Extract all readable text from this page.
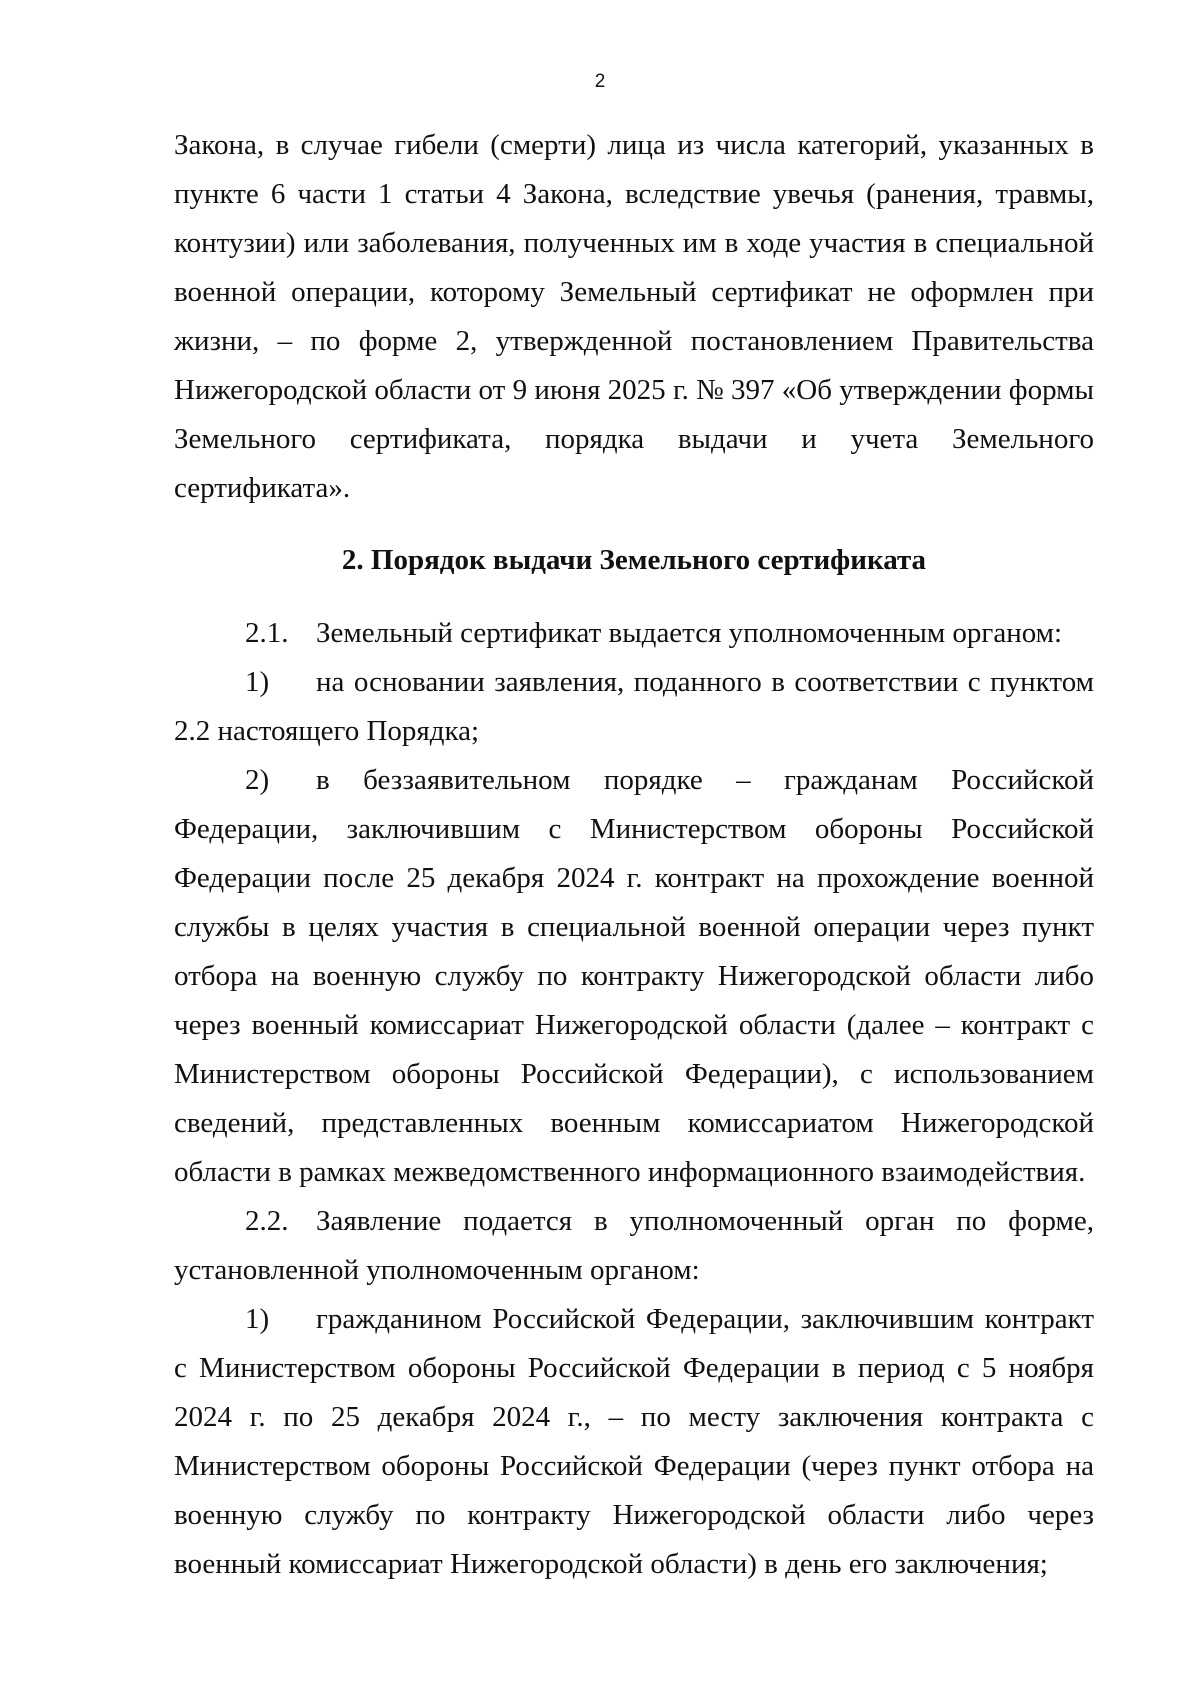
2

Закона, в случае гибели (смерти) лица из числа категорий, указанных в пункте 6 части 1 статьи 4 Закона, вследствие увечья (ранения, травмы, контузии) или заболевания, полученных им в ходе участия в специальной военной операции, которому Земельный сертификат не оформлен при жизни, – по форме 2, утвержденной постановлением Правительства Нижегородской области от 9 июня 2025 г. № 397 «Об утверждении формы Земельного сертификата, порядка выдачи и учета Земельного сертификата».

2. Порядок выдачи Земельного сертификата

2.1. Земельный сертификат выдается уполномоченным органом:

1) на основании заявления, поданного в соответствии с пунктом 2.2 настоящего Порядка;

2) в беззаявительном порядке – гражданам Российской Федерации, заключившим с Министерством обороны Российской Федерации после 25 декабря 2024 г. контракт на прохождение военной службы в целях участия в специальной военной операции через пункт отбора на военную службу по контракту Нижегородской области либо через военный комиссариат Нижегородской области (далее – контракт с Министерством обороны Российской Федерации), с использованием сведений, представленных военным комиссариатом Нижегородской области в рамках межведомственного информационного взаимодействия.

2.2. Заявление подается в уполномоченный орган по форме, установленной уполномоченным органом:

1) гражданином Российской Федерации, заключившим контракт с Министерством обороны Российской Федерации в период с 5 ноября 2024 г. по 25 декабря 2024 г., – по месту заключения контракта с Министерством обороны Российской Федерации (через пункт отбора на военную службу по контракту Нижегородской области либо через военный комиссариат Нижегородской области) в день его заключения;
